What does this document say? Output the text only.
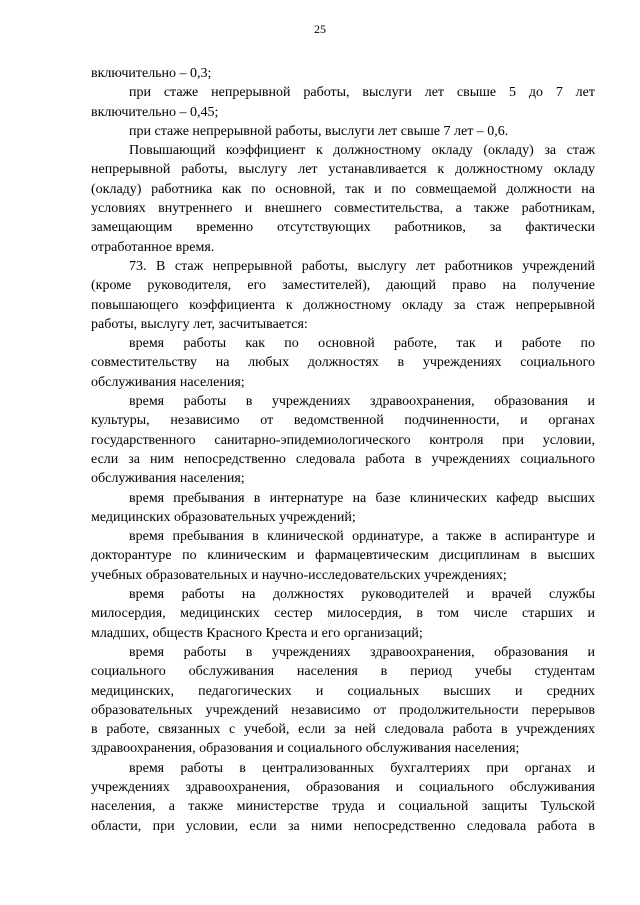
25
включительно – 0,3;
при стаже непрерывной работы, выслуги лет свыше 5 до 7 лет
включительно – 0,45;
при стаже непрерывной работы, выслуги лет свыше 7 лет – 0,6.
Повышающий коэффициент к должностному окладу (окладу) за стаж
непрерывной работы, выслугу лет устанавливается к должностному окладу
(окладу) работника как по основной, так и по совмещаемой должности на
условиях внутреннего и внешнего совместительства, а также работникам,
замещающим временно отсутствующих работников, за фактически
отработанное время.
73. В стаж непрерывной работы, выслугу лет работников учреждений
(кроме руководителя, его заместителей), дающий право на получение
повышающего коэффициента к должностному окладу за стаж непрерывной
работы, выслугу лет, засчитывается:
время работы как по основной работе, так и работе по
совместительству на любых должностях в учреждениях социального
обслуживания населения;
время работы в учреждениях здравоохранения, образования и
культуры, независимо от ведомственной подчиненности, и органах
государственного санитарно-эпидемиологического контроля при условии,
если за ним непосредственно следовала работа в учреждениях социального
обслуживания населения;
время пребывания в интернатуре на базе клинических кафедр высших
медицинских образовательных учреждений;
время пребывания в клинической ординатуре, а также в аспирантуре и
докторантуре по клиническим и фармацевтическим дисциплинам в высших
учебных образовательных и научно-исследовательских учреждениях;
время работы на должностях руководителей и врачей службы
милосердия, медицинских сестер милосердия, в том числе старших и
младших, обществ Красного Креста и его организаций;
время работы в учреждениях здравоохранения, образования и
социального обслуживания населения в период учебы студентам
медицинских, педагогических и социальных высших и средних
образовательных учреждений независимо от продолжительности перерывов
в работе, связанных с учебой, если за ней следовала работа в учреждениях
здравоохранения, образования и социального обслуживания населения;
время работы в централизованных бухгалтериях при органах и
учреждениях здравоохранения, образования и социального обслуживания
населения, а также министерстве труда и социальной защиты Тульской
области, при условии, если за ними непосредственно следовала работа в
